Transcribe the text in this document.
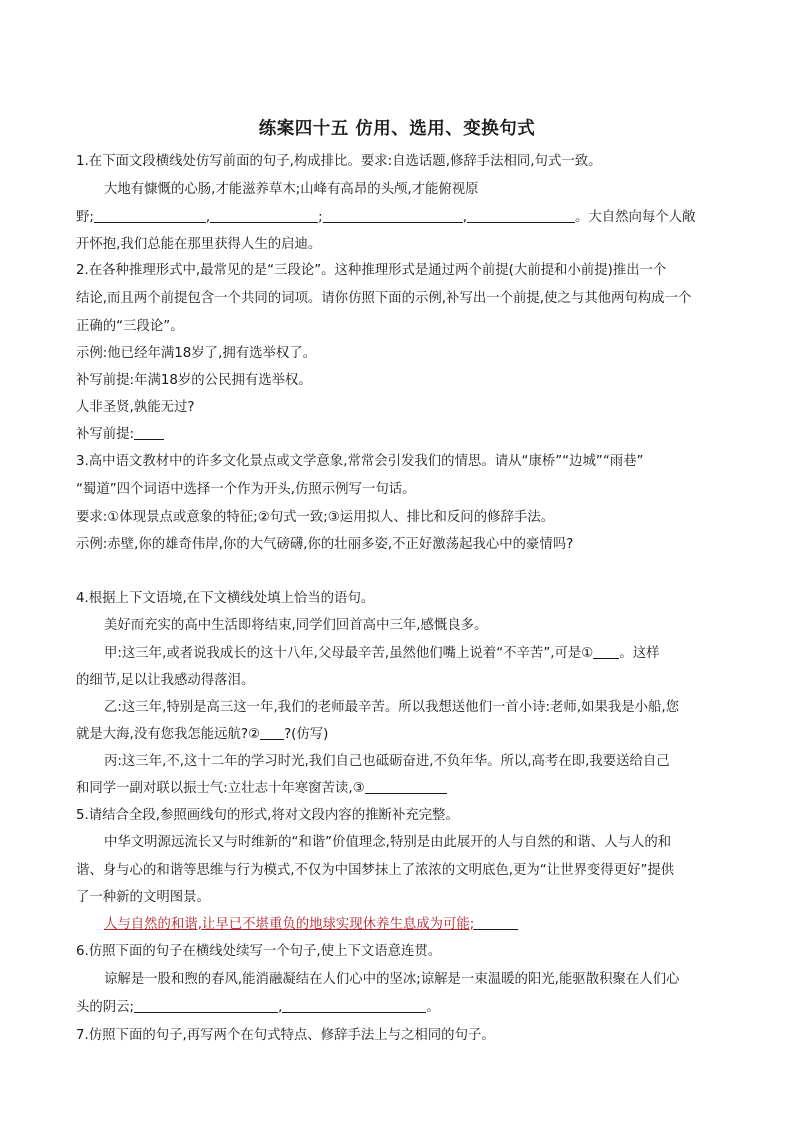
练案四十五 仿用、选用、变换句式
1.在下面文段横线处仿写前面的句子,构成排比。要求:自选话题,修辞手法相同,句式一致。
大地有慷慨的心肠,才能滋养草木;山峰有高昂的头颅,才能俯视原
野;	,	;	,	。大自然向每个人敞
开怀抱,我们总能在那里获得人生的启迪。
2.在各种推理形式中,最常见的是“三段论”。这种推理形式是通过两个前提(大前提和小前提)推出一个
结论,而且两个前提包含一个共同的词项。请你仿照下面的示例,补写出一个前提,使之与其他两句构成一个
正确的“三段论”。
示例:他已经年满18岁了,拥有选举权了。
补写前提:年满18岁的公民拥有选举权。
人非圣贤,孰能无过?
补写前提:
3.高中语文教材中的许多文化景点或文学意象,常常会引发我们的情思。请从“康桥”“边城”“雨巷”
“蜀道”四个词语中选择一个作为开头,仿照示例写一句话。
要求:①体现景点或意象的特征;②句式一致;③运用拟人、排比和反问的修辞手法。
示例:赤壁,你的雄奇伟岸,你的大气磅礴,你的壮丽多姿,不正好激荡起我心中的豪情吗?
4.根据上下文语境,在下文横线处填上恰当的语句。
美好而充实的高中生活即将结束,同学们回首高中三年,感慨良多。
甲:这三年,或者说我成长的这十八年,父母最辛苦,虽然他们嘴上说着“不辛苦”,可是① 。这样
的细节,足以让我感动得落泪。
乙:这三年,特别是高三这一年,我们的老师最辛苦。所以我想送他们一首小诗:老师,如果我是小船,您
就是大海,没有您我怎能远航?② ?(仿写)
丙:这三年,不,这十二年的学习时光,我们自己也砥砺奋进,不负年华。所以,高考在即,我要送给自己
和同学一副对联以振士气:立壮志十年寒窗苦读,③
5.请结合全段,参照画线句的形式,将对文段内容的推断补充完整。
中华文明源远流长又与时维新的“和谐”价值理念,特别是由此展开的人与自然的和谐、人与人的和
谐、身与心的和谐等思维与行为模式,不仅为中国梦抹上了浓浓的文明底色,更为“让世界变得更好”提供
了一种新的文明图景。
人与自然的和谐,让早已不堪重负的地球实现休养生息成为可能;
6.仿照下面的句子在横线处续写一个句子,使上下文语意连贯。
谅解是一股和煦的春风,能消融凝结在人们心中的坚冰;谅解是一束温暖的阳光,能驱散积聚在人们心
头的阴云;	,	。
7.仿照下面的句子,再写两个在句式特点、修辞手法上与之相同的句子。
